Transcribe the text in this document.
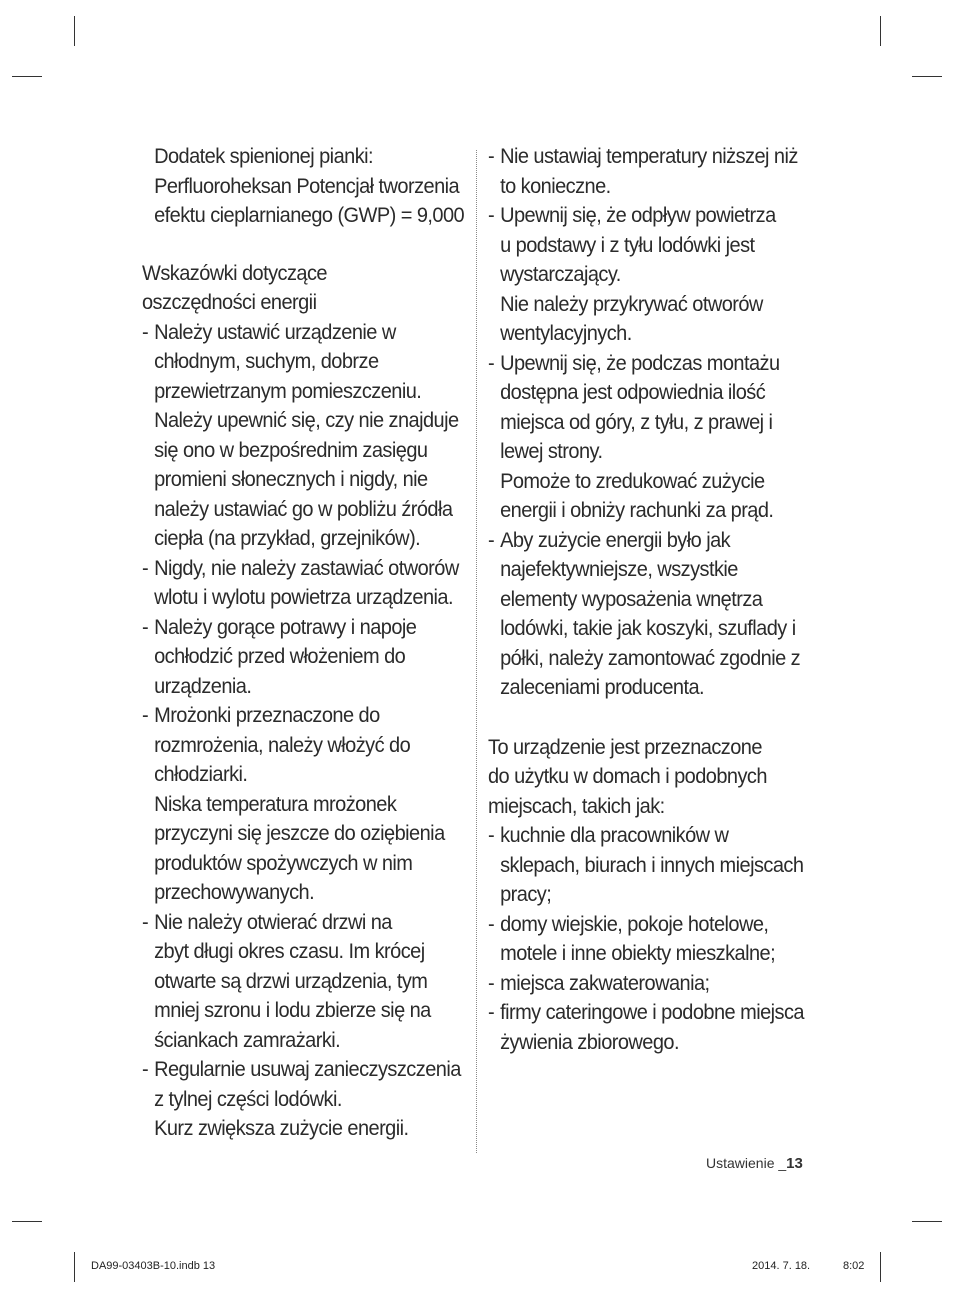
Dodatek spienionej pianki:
Perfluoroheksan Potencjał tworzenia
efektu cieplarnianego (GWP) = 9,000
Wskazówki dotyczące
oszczędności energii
- Należy ustawić urządzenie w
chłodnym, suchym, dobrze
przewietrzanym pomieszczeniu.
Należy upewnić się, czy nie znajduje
się ono w bezpośrednim zasięgu
promieni słonecznych i nigdy, nie
należy ustawiać go w pobliżu źródła
ciepła (na przykład, grzejników).
- Nigdy, nie należy zastawiać otworów
wlotu i wylotu powietrza urządzenia.
- Należy gorące potrawy i napoje
ochłodzić przed włożeniem do
urządzenia.
- Mrożonki przeznaczone do
rozmrożenia, należy włożyć do
chłodziarki.
Niska temperatura mrożonek
przyczyni się jeszcze do oziębienia
produktów spożywczych w nim
przechowywanych.
- Nie należy otwierać drzwi na
zbyt długi okres czasu. Im krócej
otwarte są drzwi urządzenia, tym
mniej szronu i lodu zbierze się na
ściankach zamrażarki.
- Regularnie usuwaj zanieczyszczenia
z tylnej części lodówki.
Kurz zwiększa zużycie energii.
- Nie ustawiaj temperatury niższej niż
to konieczne.
- Upewnij się, że odpływ powietrza
u podstawy i z tyłu lodówki jest
wystarczający.
Nie należy przykrywać otworów
wentylacyjnych.
- Upewnij się, że podczas montażu
dostępna jest odpowiednia ilość
miejsca od góry, z tyłu, z prawej i
lewej strony.
Pomoże to zredukować zużycie
energii i obniży rachunki za prąd.
- Aby zużycie energii było jak
najefektywniejsze, wszystkie
elementy wyposażenia wnętrza
lodówki, takie jak koszyki, szuflady i
półki, należy zamontować zgodnie z
zaleceniami producenta.
To urządzenie jest przeznaczone
do użytku w domach i podobnych
miejscach, takich jak:
- kuchnie dla pracowników w
sklepach, biurach i innych miejscach
pracy;
- domy wiejskie, pokoje hotelowe,
motele i inne obiekty mieszkalne;
- miejsca zakwaterowania;
- firmy cateringowe i podobne miejsca
żywienia zbiorowego.
Ustawienie _13
DA99-03403B-10.indb 13	2014. 7. 18.	8:02
